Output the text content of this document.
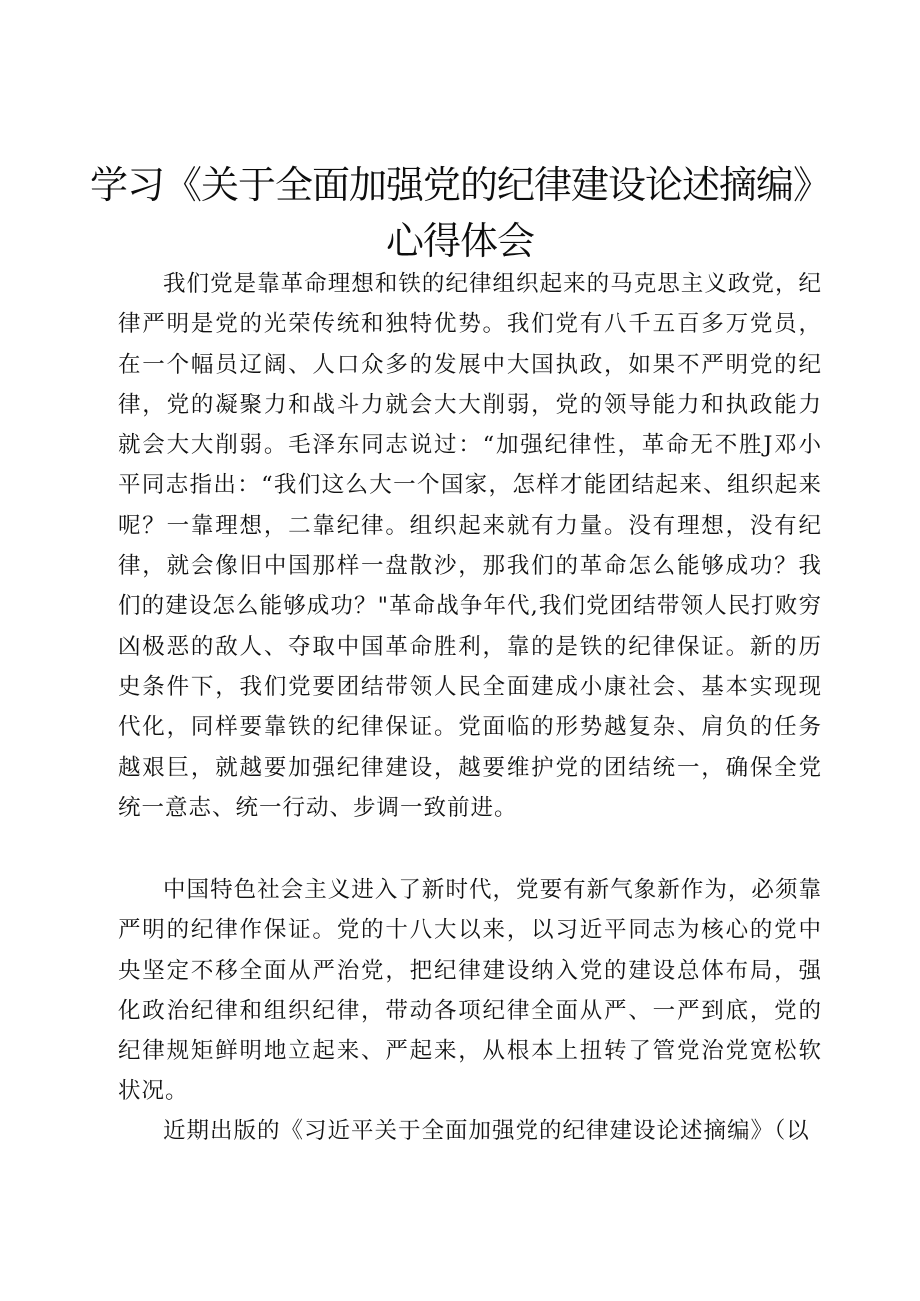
学习《关于全面加强党的纪律建设论述摘编》
心得体会

我们党是靠革命理想和铁的纪律组织起来的马克思主义政党，纪律严明是党的光荣传统和独特优势。我们党有八千五百多万党员，在一个幅员辽阔、人口众多的发展中大国执政，如果不严明党的纪律，党的凝聚力和战斗力就会大大削弱，党的领导能力和执政能力就会大大削弱。毛泽东同志说过：“加强纪律性，革命无不胜J邓小平同志指出：“我们这么大一个国家，怎样才能团结起来、组织起来呢？一靠理想，二靠纪律。组织起来就有力量。没有理想，没有纪律，就会像旧中国那样一盘散沙，那我们的革命怎么能够成功？我们的建设怎么能够成功？"革命战争年代,我们党团结带领人民打败穷凶极恶的敌人、夺取中国革命胜利，靠的是铁的纪律保证。新的历史条件下，我们党要团结带领人民全面建成小康社会、基本实现现代化，同样要靠铁的纪律保证。党面临的形势越复杂、肩负的任务越艰巨，就越要加强纪律建设，越要维护党的团结统一，确保全党统一意志、统一行动、步调一致前进。

中国特色社会主义进入了新时代，党要有新气象新作为，必须靠严明的纪律作保证。党的十八大以来，以习近平同志为核心的党中央坚定不移全面从严治党，把纪律建设纳入党的建设总体布局，强化政治纪律和组织纪律，带动各项纪律全面从严、一严到底，党的纪律规矩鲜明地立起来、严起来，从根本上扭转了管党治党宽松软状况。

近期出版的《习近平关于全面加强党的纪律建设论述摘编》（以
